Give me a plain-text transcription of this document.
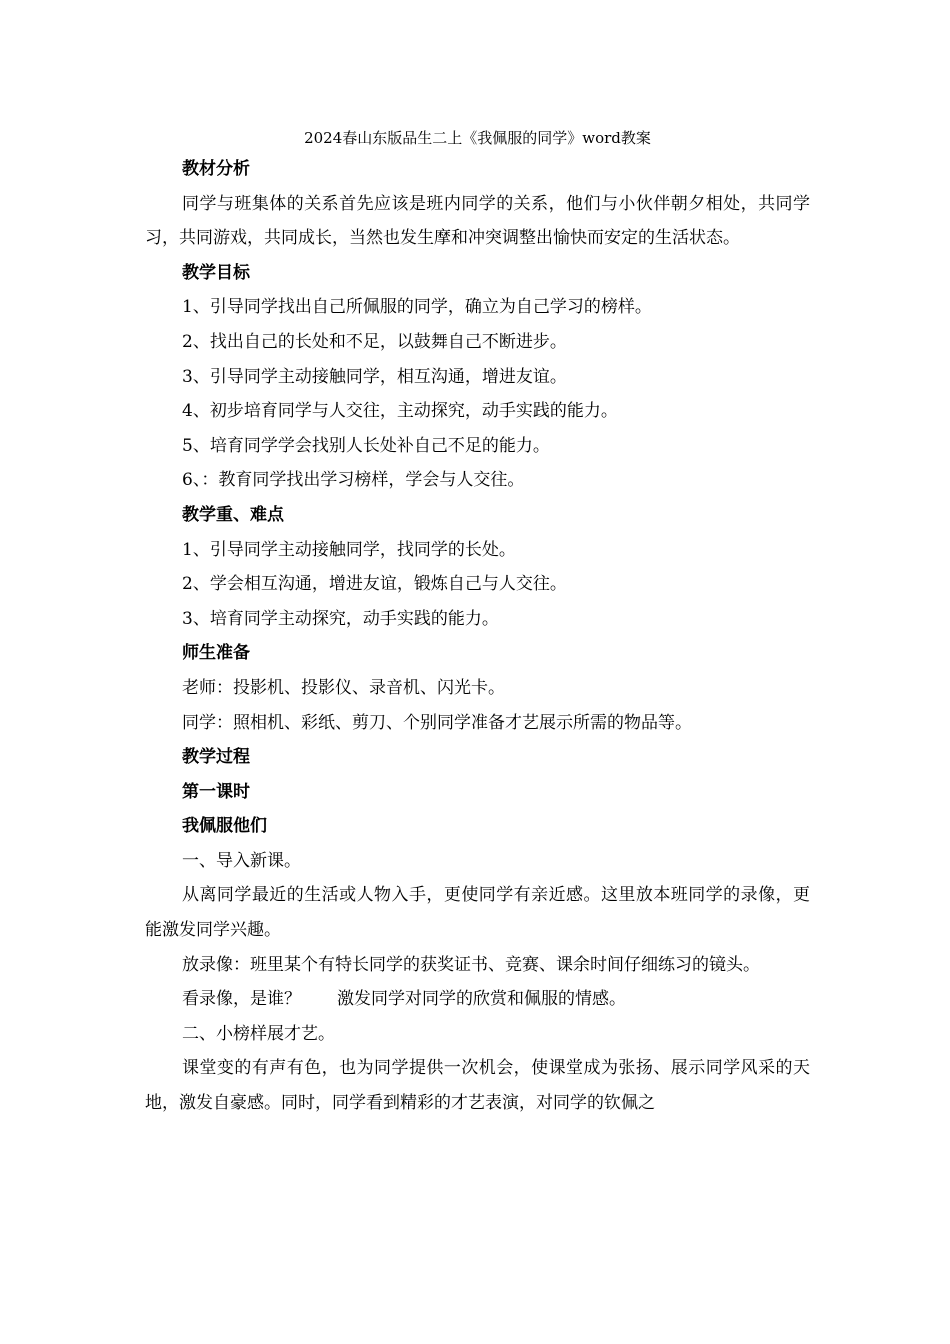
2024春山东版品生二上《我佩服的同学》word教案

教材分析

同学与班集体的关系首先应该是班内同学的关系，他们与小伙伴朝夕相处，共同学习，共同游戏，共同成长，当然也发生摩和冲突调整出愉快而安定的生活状态。

教学目标

1、引导同学找出自己所佩服的同学，确立为自己学习的榜样。

2、找出自己的长处和不足，以鼓舞自己不断进步。

3、引导同学主动接触同学，相互沟通，增进友谊。

4、初步培育同学与人交往，主动探究，动手实践的能力。

5、培育同学学会找别人长处补自己不足的能力。

6、：教育同学找出学习榜样，学会与人交往。

教学重、难点

1、引导同学主动接触同学，找同学的长处。

2、学会相互沟通，增进友谊，锻炼自己与人交往。

3、培育同学主动探究，动手实践的能力。

师生准备

老师：投影机、投影仪、录音机、闪光卡。

同学：照相机、彩纸、剪刀、个别同学准备才艺展示所需的物品等。

教学过程

第一课时

我佩服他们

一、导入新课。

从离同学最近的生活或人物入手，更使同学有亲近感。这里放本班同学的录像，更能激发同学兴趣。

放录像：班里某个有特长同学的获奖证书、竞赛、课余时间仔细练习的镜头。

看录像，是谁？ 激发同学对同学的欣赏和佩服的情感。

二、小榜样展才艺。

课堂变的有声有色，也为同学提供一次机会，使课堂成为张扬、展示同学风采的天地，激发自豪感。同时，同学看到精彩的才艺表演，对同学的钦佩之
